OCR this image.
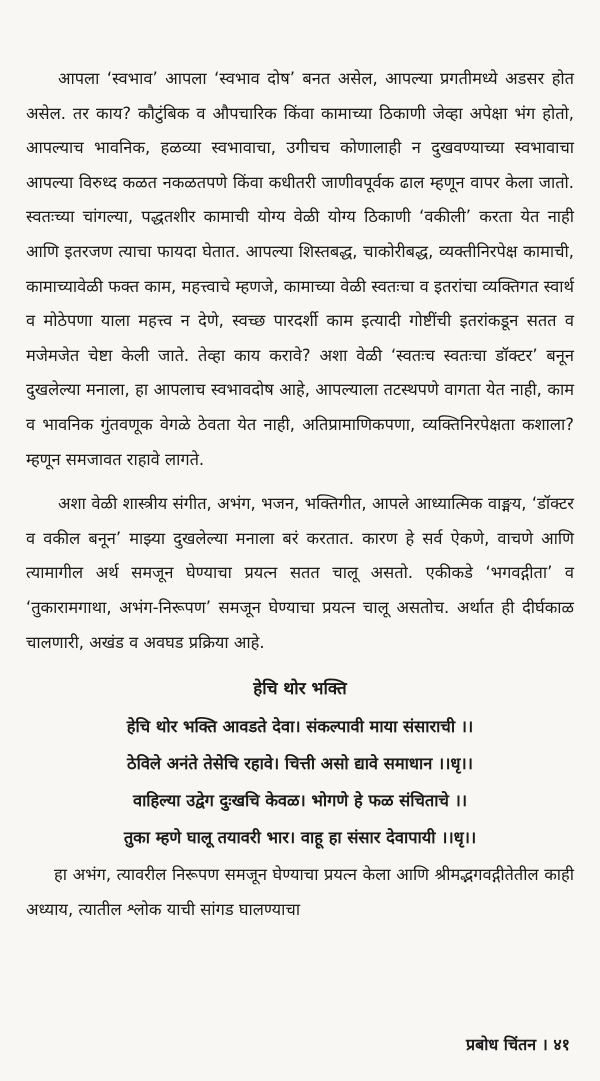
आपला ‘स्वभाव’ आपला ‘स्वभाव दोष’ बनत असेल, आपल्या प्रगतीमध्ये अडसर होत असेल. तर काय? कौटुंबिक व औपचारिक किंवा कामाच्या ठिकाणी जेव्हा अपेक्षा भंग होतो, आपल्याच भावनिक, हळव्या स्वभावाचा, उगीचच कोणालाही न दुखवण्याच्या स्वभावाचा आपल्या विरुध्द कळत नकळतपणे किंवा कधीतरी जाणीवपूर्वक ढाल म्हणून वापर केला जातो. स्वतःच्या चांगल्या, पद्धतशीर कामाची योग्य वेळी योग्य ठिकाणी ‘वकीली’ करता येत नाही आणि इतरजण त्याचा फायदा घेतात. आपल्या शिस्तबद्ध, चाकोरीबद्ध, व्यक्तीनिरपेक्ष कामाची, कामाच्यावेळी फक्त काम, महत्त्वाचे म्हणजे, कामाच्या वेळी स्वतःचा व इतरांचा व्यक्तिगत स्वार्थ व मोठेपणा याला महत्त्व न देणे, स्वच्छ पारदर्शी काम इत्यादी गोष्टींची इतरांकडून सतत व मजेमजेत चेष्टा केली जाते. तेव्हा काय करावे? अशा वेळी ‘स्वतःच स्वतःचा डॉक्टर’ बनून दुखलेल्या मनाला, हा आपलाच स्वभावदोष आहे, आपल्याला तटस्थपणे वागता येत नाही, काम व भावनिक गुंतवणूक वेगळे ठेवता येत नाही, अतिप्रामाणिकपणा, व्यक्तिनिरपेक्षता कशाला? म्हणून समजावत राहावे लागते.

अशा वेळी शास्त्रीय संगीत, अभंग, भजन, भक्तिगीत, आपले आध्यात्मिक वाङ्मय, ‘डॉक्टर व वकील बनून’ माझ्या दुखलेल्या मनाला बरं करतात. कारण हे सर्व ऐकणे, वाचणे आणि त्यामागील अर्थ समजून घेण्याचा प्रयत्न सतत चालू असतो. एकीकडे ‘भगवद्गीता’ व ‘तुकारामगाथा, अभंग-निरूपण’ समजून घेण्याचा प्रयत्न चालू असतोच. अर्थात ही दीर्घकाळ चालणारी, अखंड व अवघड प्रक्रिया आहे.

हेचि थोर भक्ति

हेचि थोर भक्ति आवडते देवा। संकल्पावी माया संसाराची ।।

ठेविले अनंते तेसेचि रहावे। चित्ती असो द्यावे समाधान ।।धृ।।

वाहिल्या उद्वेग दुःखचि केवळ। भोगणे हे फळ संचिताचे ।।

तुका म्हणे घालू तयावरी भार। वाहू हा संसार देवापायी ।।धृ।।

हा अभंग, त्यावरील निरूपण समजून घेण्याचा प्रयत्न केला आणि श्रीमद्भगवद्गीतेतील काही अध्याय, त्यातील श्लोक याची सांगड घालण्याचा

प्रबोध चिंतन । ४१
